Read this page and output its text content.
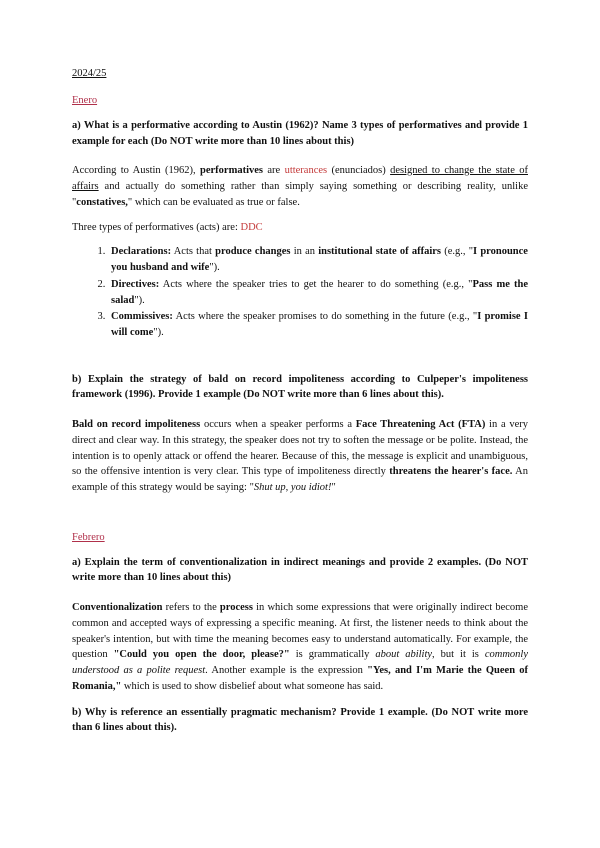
2024/25
Enero
a) What is a performative according to Austin (1962)? Name 3 types of performatives and provide 1 example for each (Do NOT write more than 10 lines about this)
According to Austin (1962), performatives are utterances (enunciados) designed to change the state of affairs and actually do something rather than simply saying something or describing reality, unlike "constatives," which can be evaluated as true or false.
Three types of performatives (acts) are: DDC
1. Declarations: Acts that produce changes in an institutional state of affairs (e.g., "I pronounce you husband and wife").
2. Directives: Acts where the speaker tries to get the hearer to do something (e.g., "Pass me the salad").
3. Commissives: Acts where the speaker promises to do something in the future (e.g., "I promise I will come").
b) Explain the strategy of bald on record impoliteness according to Culpeper's impoliteness framework (1996). Provide 1 example (Do NOT write more than 6 lines about this).
Bald on record impoliteness occurs when a speaker performs a Face Threatening Act (FTA) in a very direct and clear way. In this strategy, the speaker does not try to soften the message or be polite. Instead, the intention is to openly attack or offend the hearer. Because of this, the message is explicit and unambiguous, so the offensive intention is very clear. This type of impoliteness directly threatens the hearer's face. An example of this strategy would be saying: "Shut up, you idiot!"
Febrero
a) Explain the term of conventionalization in indirect meanings and provide 2 examples. (Do NOT write more than 10 lines about this)
Conventionalization refers to the process in which some expressions that were originally indirect become common and accepted ways of expressing a specific meaning. At first, the listener needs to think about the speaker's intention, but with time the meaning becomes easy to understand automatically. For example, the question "Could you open the door, please?" is grammatically about ability, but it is commonly understood as a polite request. Another example is the expression "Yes, and I'm Marie the Queen of Romania," which is used to show disbelief about what someone has said.
b) Why is reference an essentially pragmatic mechanism? Provide 1 example. (Do NOT write more than 6 lines about this).
